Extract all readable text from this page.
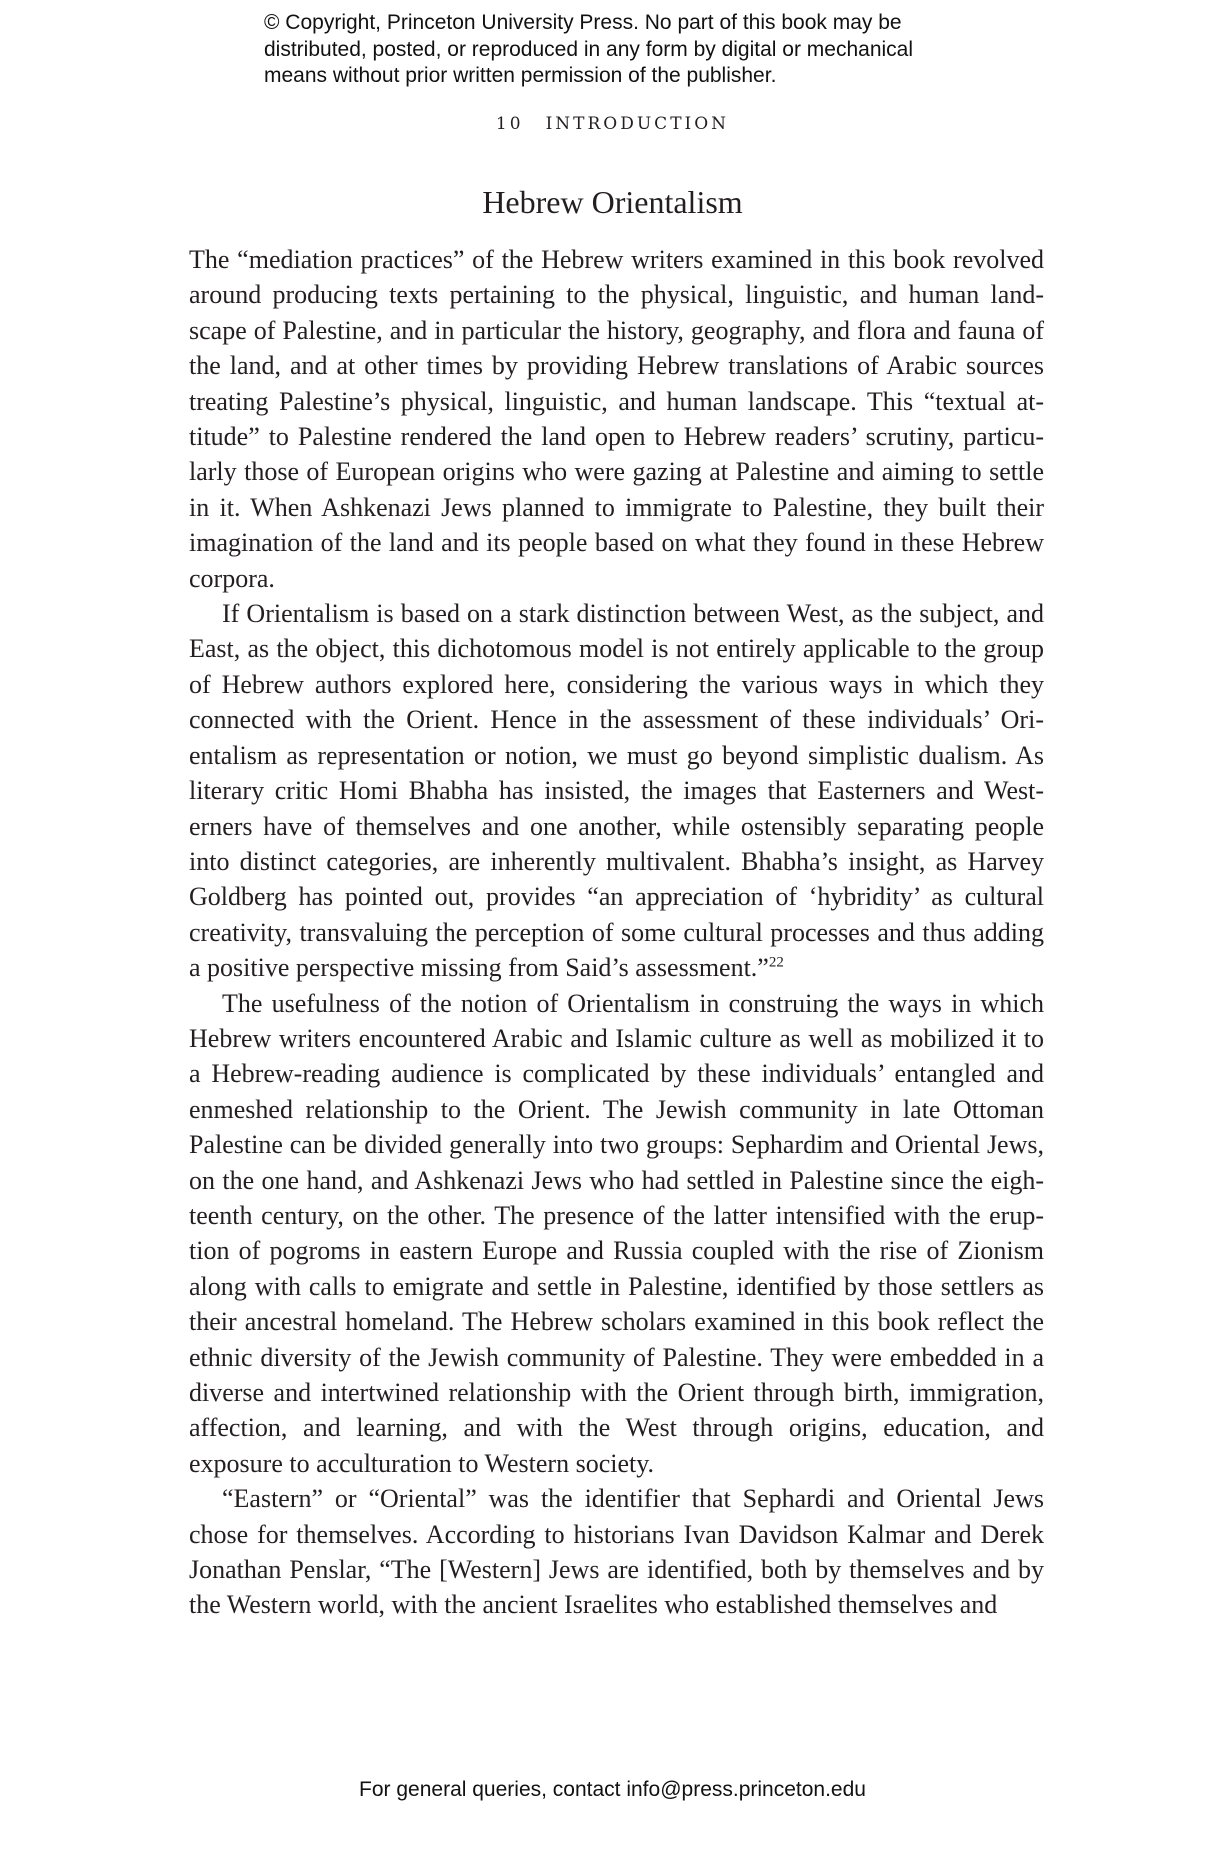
© Copyright, Princeton University Press. No part of this book may be
distributed, posted, or reproduced in any form by digital or mechanical
means without prior written permission of the publisher.
10 INTRODUCTION
Hebrew Orientalism

The “mediation practices” of the Hebrew writers examined in this book revolved around producing texts pertaining to the physical, linguistic, and human landscape of Palestine, and in particular the history, geography, and flora and fauna of the land, and at other times by providing Hebrew translations of Arabic sources treating Palestine’s physical, linguistic, and human landscape. This “textual attitude” to Palestine rendered the land open to Hebrew readers’ scrutiny, particularly those of European origins who were gazing at Palestine and aiming to settle in it. When Ashkenazi Jews planned to immigrate to Palestine, they built their imagination of the land and its people based on what they found in these Hebrew corpora.

If Orientalism is based on a stark distinction between West, as the subject, and East, as the object, this dichotomous model is not entirely applicable to the group of Hebrew authors explored here, considering the various ways in which they connected with the Orient. Hence in the assessment of these individuals’ Orientalism as representation or notion, we must go beyond simplistic dualism. As literary critic Homi Bhabha has insisted, the images that Easterners and Westerners have of themselves and one another, while ostensibly separating people into distinct categories, are inherently multivalent. Bhabha’s insight, as Harvey Goldberg has pointed out, provides “an appreciation of ‘hybridity’ as cultural creativity, transvaluing the perception of some cultural processes and thus adding a positive perspective missing from Said’s assessment.”$^{22}$

The usefulness of the notion of Orientalism in construing the ways in which Hebrew writers encountered Arabic and Islamic culture as well as mobilized it to a Hebrew-reading audience is complicated by these individuals’ entangled and enmeshed relationship to the Orient. The Jewish community in late Ottoman Palestine can be divided generally into two groups: Sephardim and Oriental Jews, on the one hand, and Ashkenazi Jews who had settled in Palestine since the eighteenth century, on the other. The presence of the latter intensified with the eruption of pogroms in eastern Europe and Russia coupled with the rise of Zionism along with calls to emigrate and settle in Palestine, identified by those settlers as their ancestral homeland. The Hebrew scholars examined in this book reflect the ethnic diversity of the Jewish community of Palestine. They were embedded in a diverse and intertwined relationship with the Orient through birth, immigration, affection, and learning, and with the West through origins, education, and exposure to acculturation to Western society.

“Eastern” or “Oriental” was the identifier that Sephardi and Oriental Jews chose for themselves. According to historians Ivan Davidson Kalmar and Derek Jonathan Penslar, “The [Western] Jews are identified, both by themselves and by the Western world, with the ancient Israelites who established themselves and

For general queries, contact info@press.princeton.edu
